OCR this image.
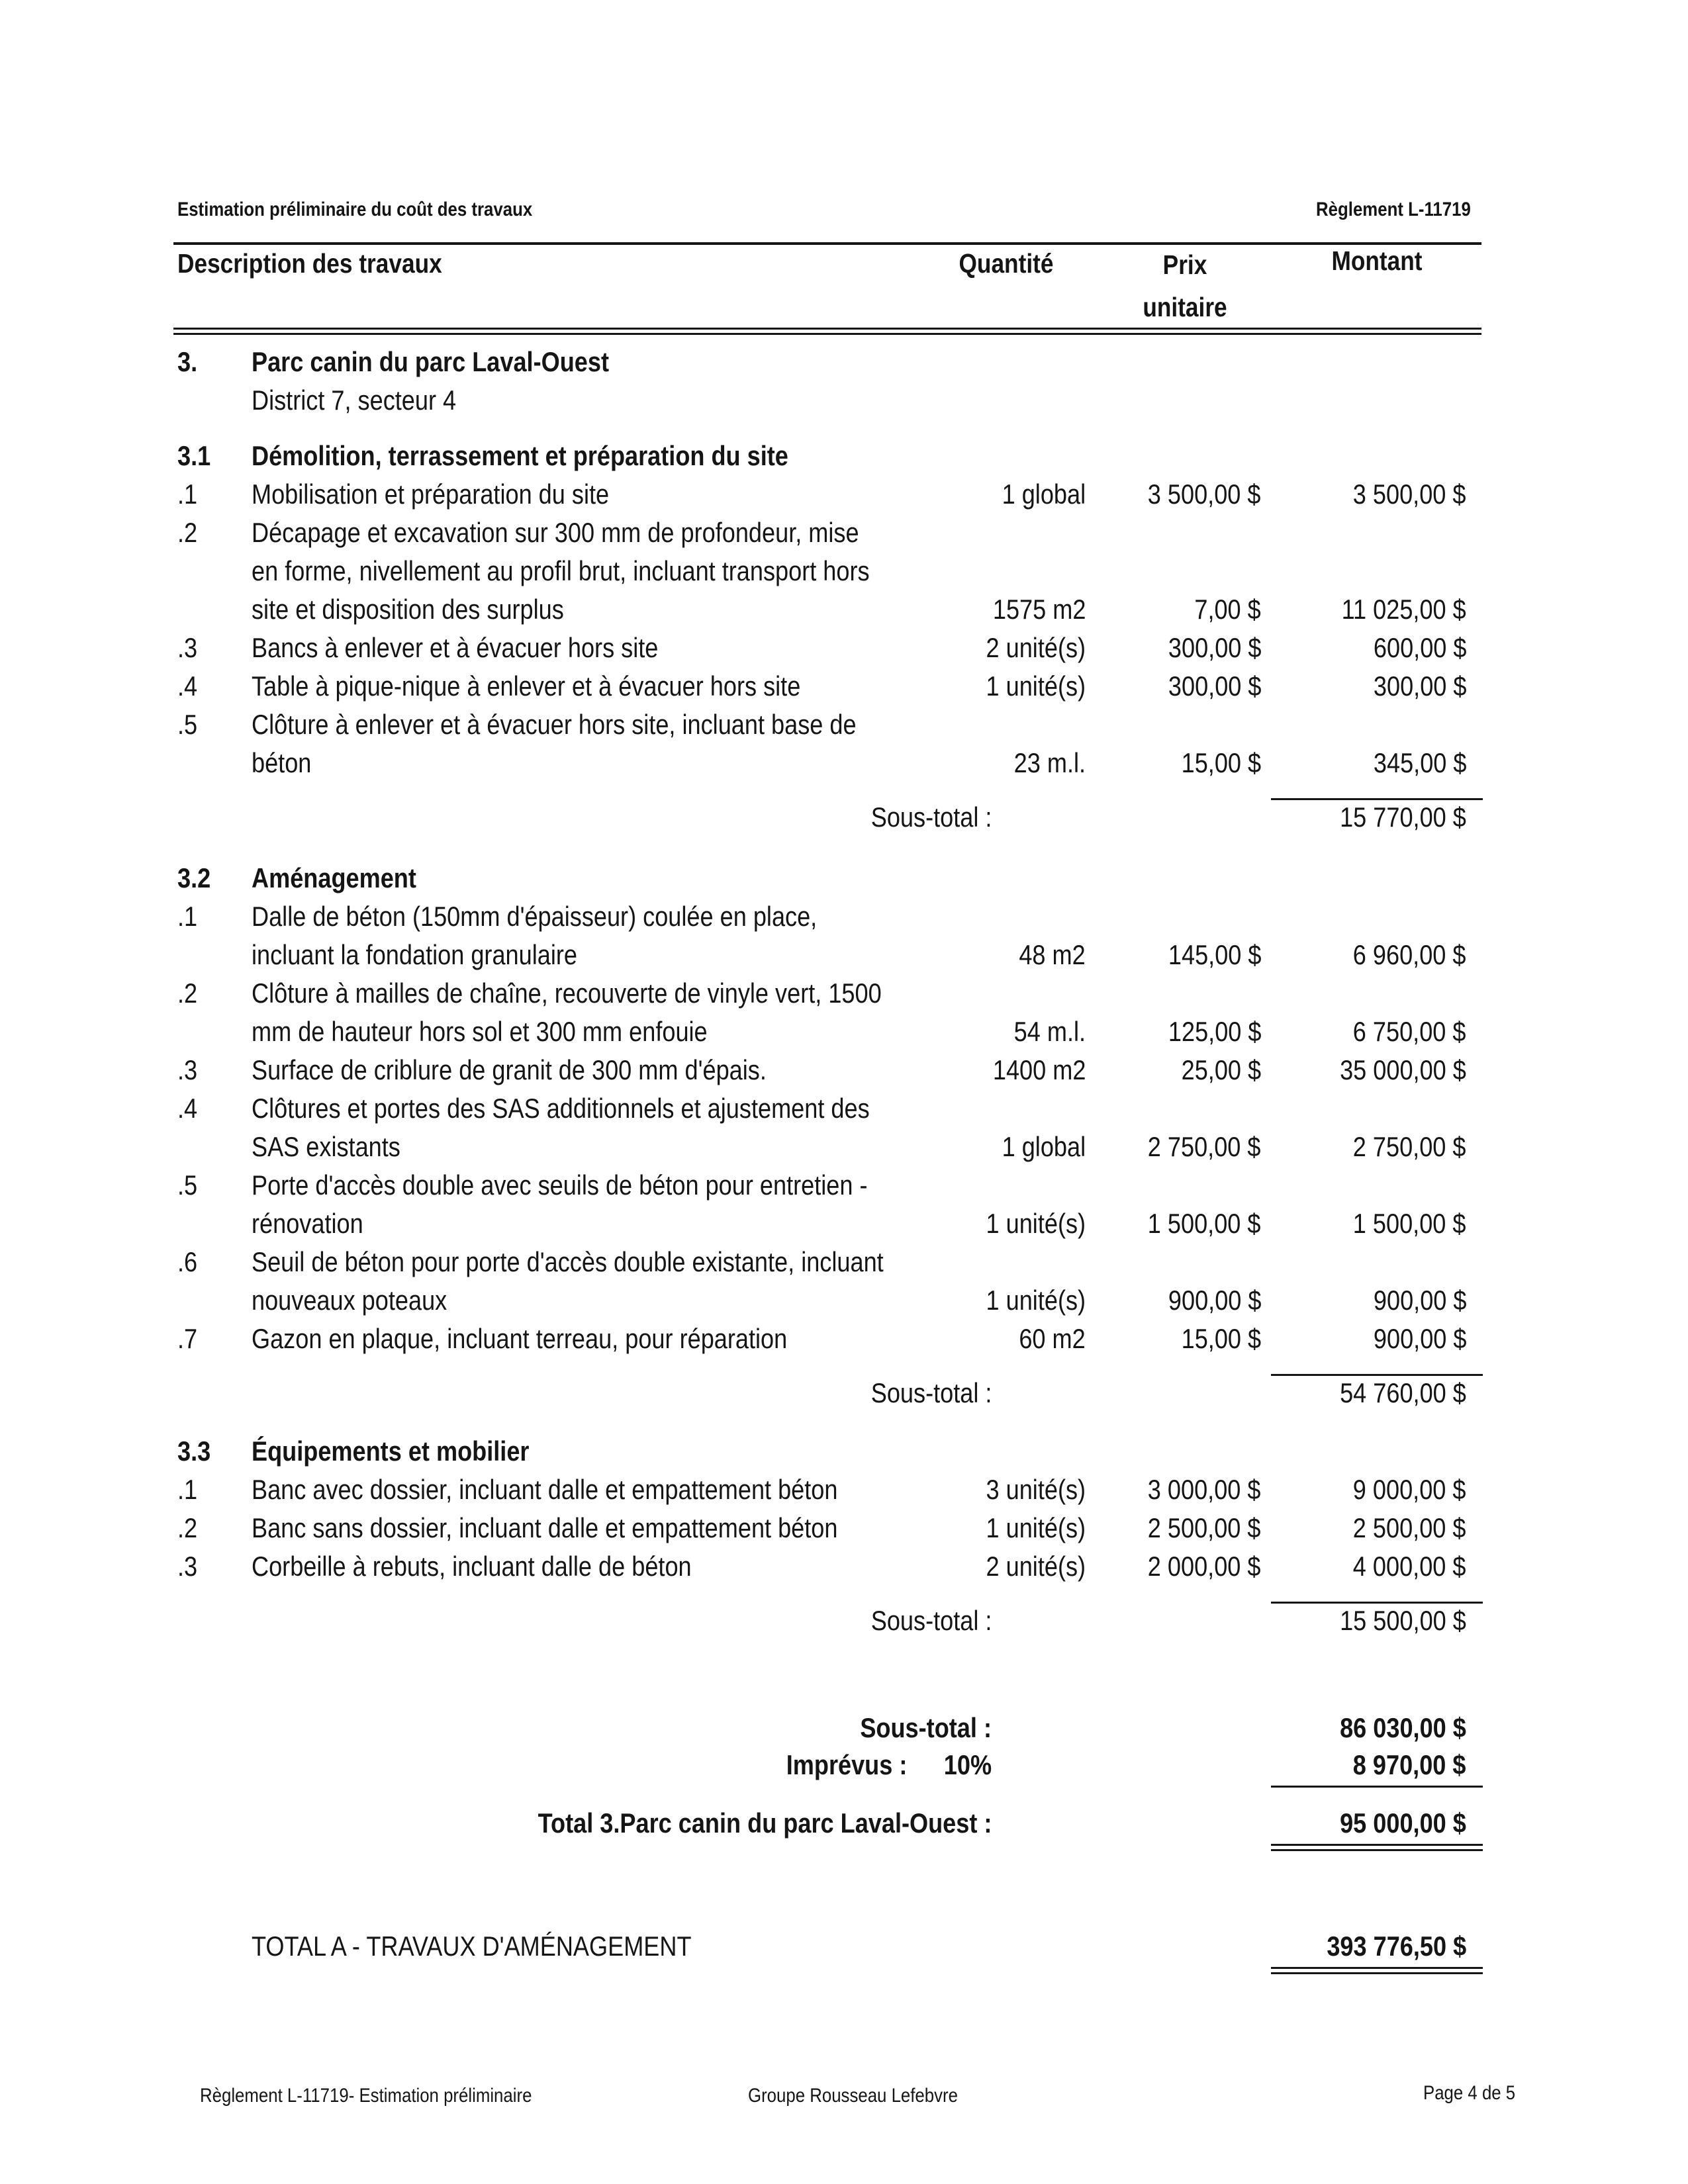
Estimation préliminaire du coût des travaux	Règlement L-11719
Description des travaux	Quantité	Prix
unitaire
Montant
3. Parc canin du parc Laval-Ouest
District 7, secteur 4
3.1 Démolition, terrassement et préparation du site
.1 Mobilisation et préparation du site	1 global 3 500,00 $	3 500,00 $
.2 Décapage et excavation sur 300 mm de profondeur, mise
en forme, nivellement au profil brut, incluant transport hors
site et disposition des surplus	1575 m2	7,00 $	11 025,00 $
.3 Bancs à enlever et à évacuer hors site	2 unité(s)	300,00 $	600,00 $
.4 Table à pique-nique à enlever et à évacuer hors site	1 unité(s)	300,00 $	300,00 $
.5 Clôture à enlever et à évacuer hors site, incluant base de
béton	23 m.l.	15,00 $	345,00 $
Sous-total :	15 770,00 $
3.2 Aménagement
.1 Dalle de béton (150mm d'épaisseur) coulée en place,
incluant la fondation granulaire	48 m2	145,00 $	6 960,00 $
.2 Clôture à mailles de chaîne, recouverte de vinyle vert, 1500
mm de hauteur hors sol et 300 mm enfouie	54 m.l.	125,00 $	6 750,00 $
.3 Surface de criblure de granit de 300 mm d'épais.	1400 m2	25,00 $	35 000,00 $
.4 Clôtures et portes des SAS additionnels et ajustement des
SAS existants	1 global 2 750,00 $	2 750,00 $
.5 Porte d'accès double avec seuils de béton pour entretien -
rénovation	1 unité(s) 1 500,00 $	1 500,00 $
.6 Seuil de béton pour porte d'accès double existante, incluant
nouveaux poteaux	1 unité(s)	900,00 $	900,00 $
.7 Gazon en plaque, incluant terreau, pour réparation	60 m2	15,00 $	900,00 $
Sous-total :	54 760,00 $
3.3 Équipements et mobilier
.1 Banc avec dossier, incluant dalle et empattement béton	3 unité(s) 3 000,00 $	9 000,00 $
.2 Banc sans dossier, incluant dalle et empattement béton	1 unité(s) 2 500,00 $	2 500,00 $
.3 Corbeille à rebuts, incluant dalle de béton	2 unité(s) 2 000,00 $	4 000,00 $
Sous-total :	15 500,00 $
Sous-total :	86 030,00 $
Imprévus : 10%	8 970,00 $
Total 3.Parc canin du parc Laval-Ouest :	95 000,00 $
TOTAL A - TRAVAUX D'AMÉNAGEMENT	393 776,50 $
Règlement L-11719- Estimation préliminaire	Groupe Rousseau Lefebvre	Page 4 de 5
